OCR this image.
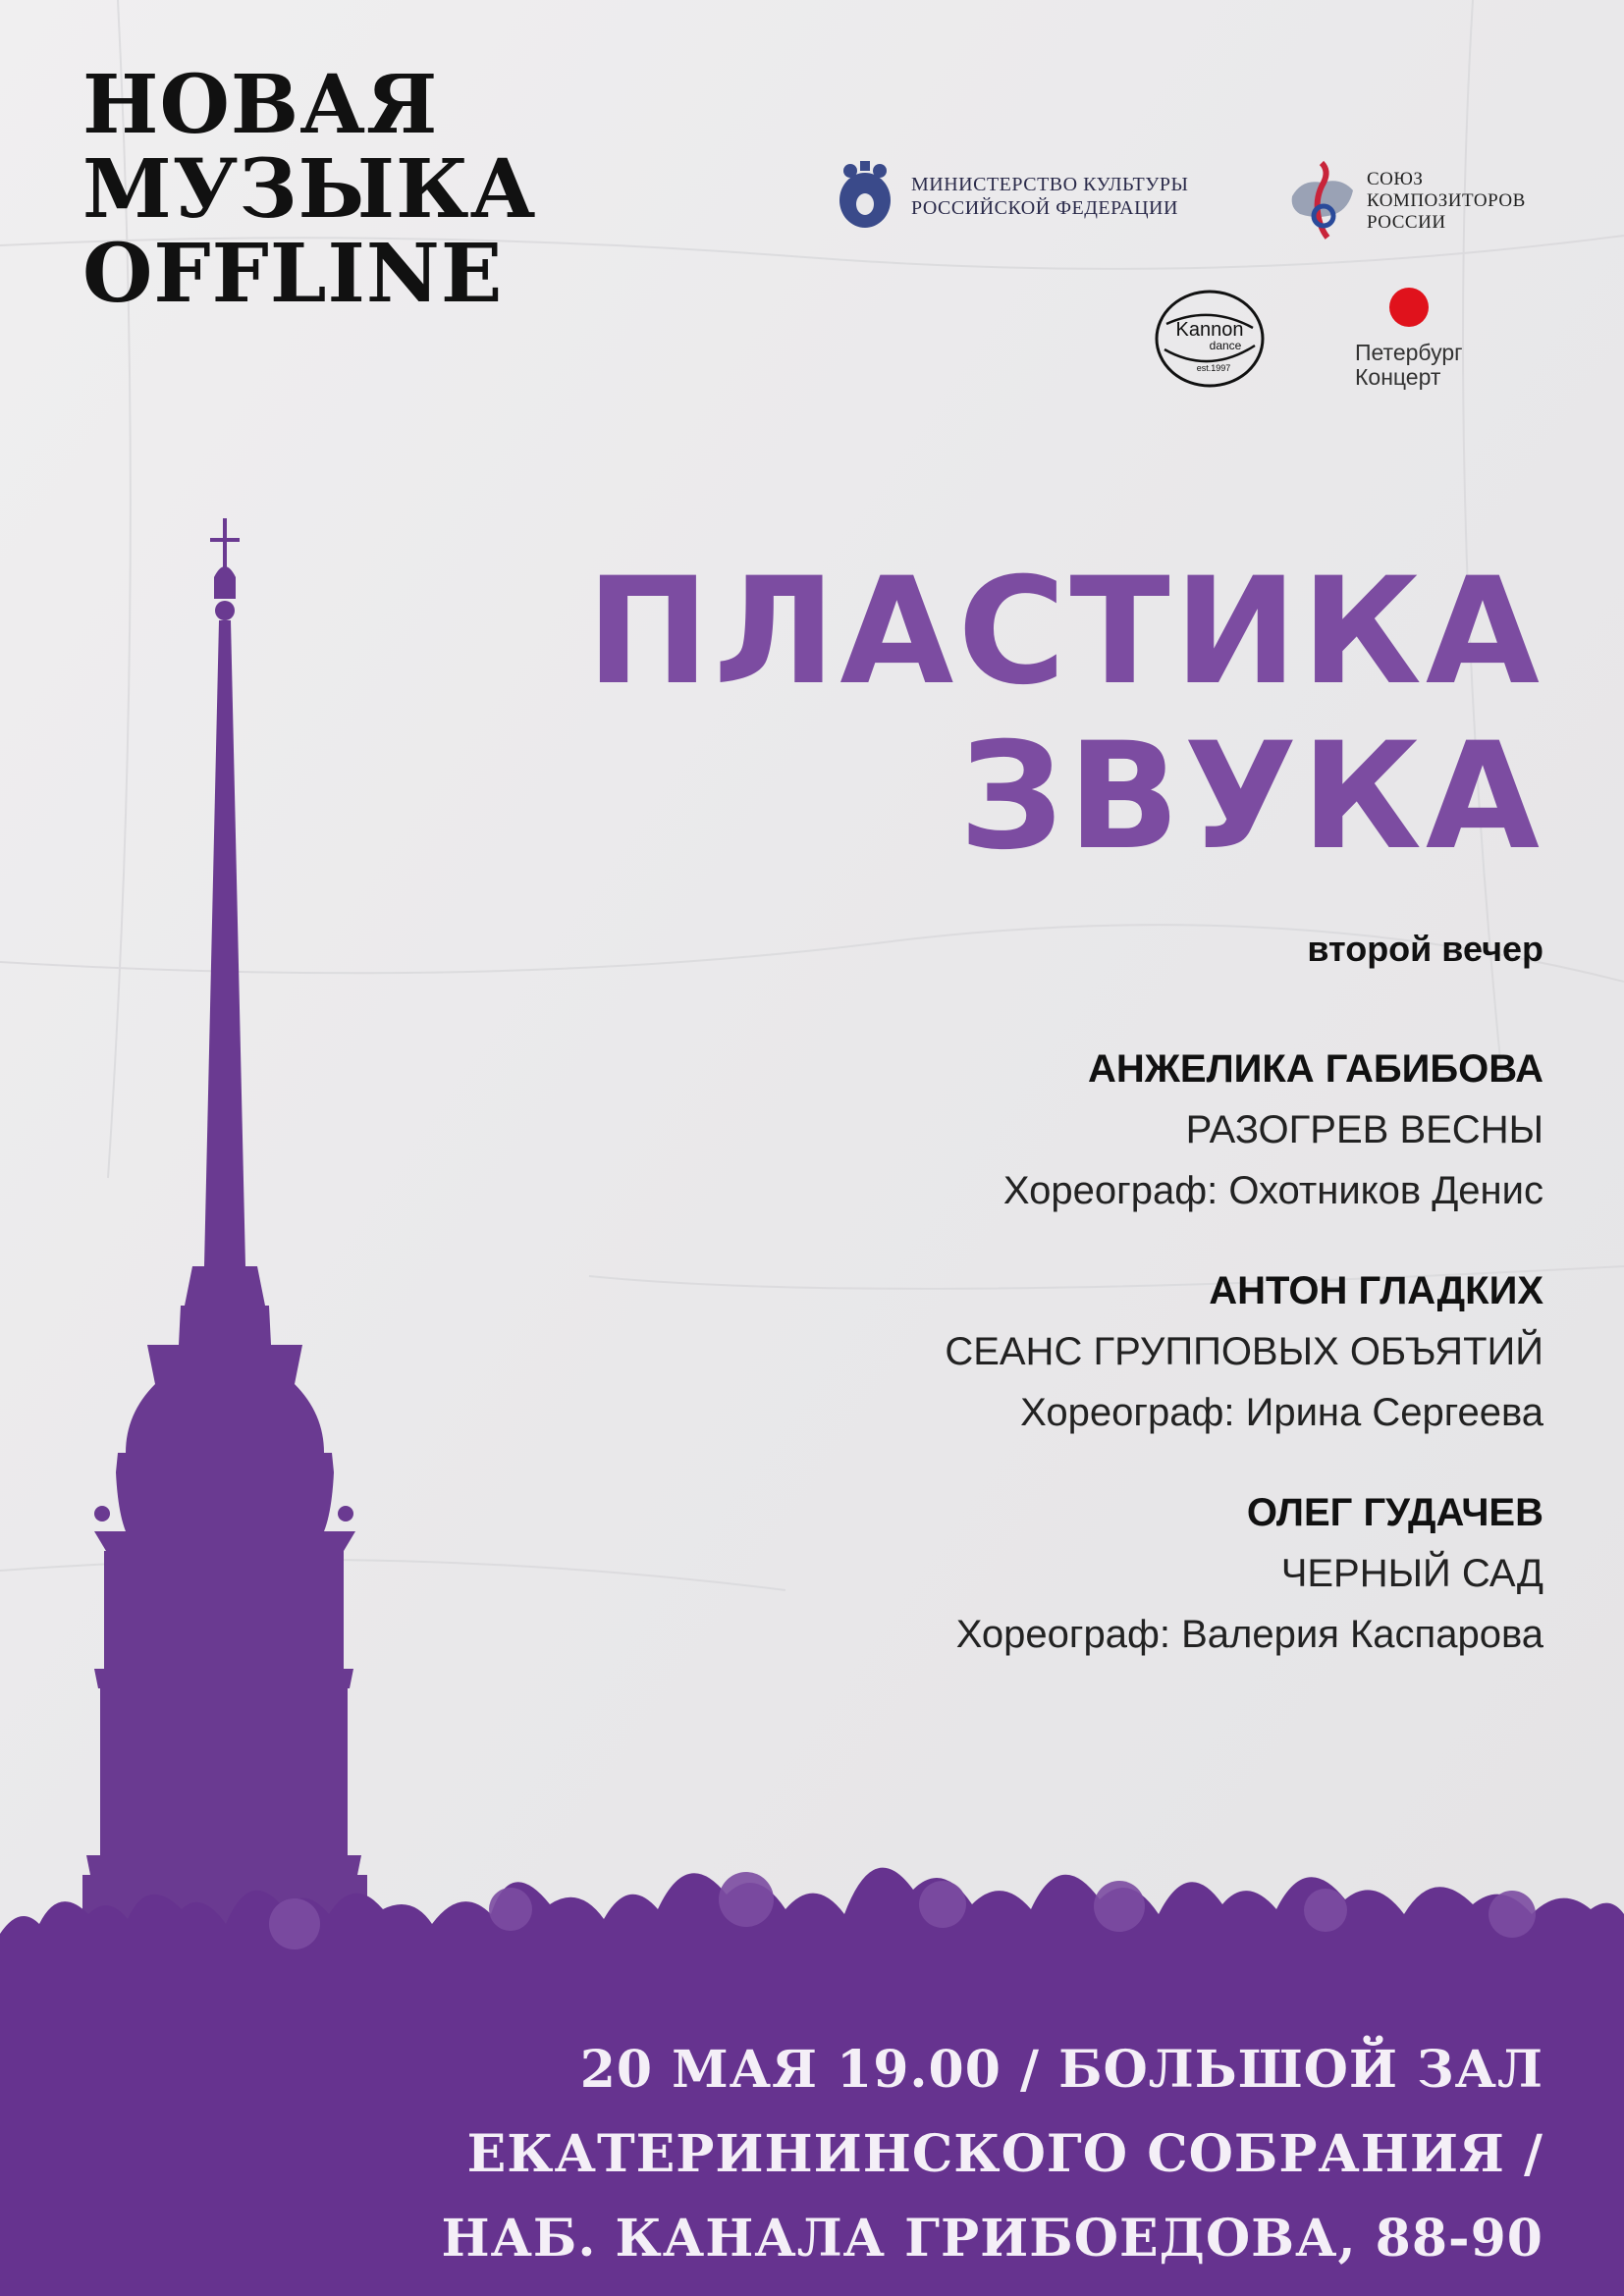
НОВАЯ
МУЗЫКА
OFFLINE
МИНИСТЕРСТВО КУЛЬТУРЫ
РОССИЙСКОЙ ФЕДЕРАЦИИ
СОЮЗ
КОМПОЗИТОРОВ
РОССИИ
Kannon
dance
est.1997
Петербург
Концерт
ПЛАСТИКА
ЗВУКА
второй вечер
АНЖЕЛИКА ГАБИБОВА
РАЗОГРЕВ ВЕСНЫ
Хореограф: Охотников Денис
АНТОН ГЛАДКИХ
СЕАНС ГРУППОВЫХ ОБЪЯТИЙ
Хореограф: Ирина Сергеева
ОЛЕГ ГУДАЧЕВ
ЧЕРНЫЙ САД
Хореограф: Валерия Каспарова
20 МАЯ 19.00 / БОЛЬШОЙ ЗАЛ
ЕКАТЕРИНИНСКОГО СОБРАНИЯ /
НАБ. КАНАЛА ГРИБОЕДОВА, 88-90
